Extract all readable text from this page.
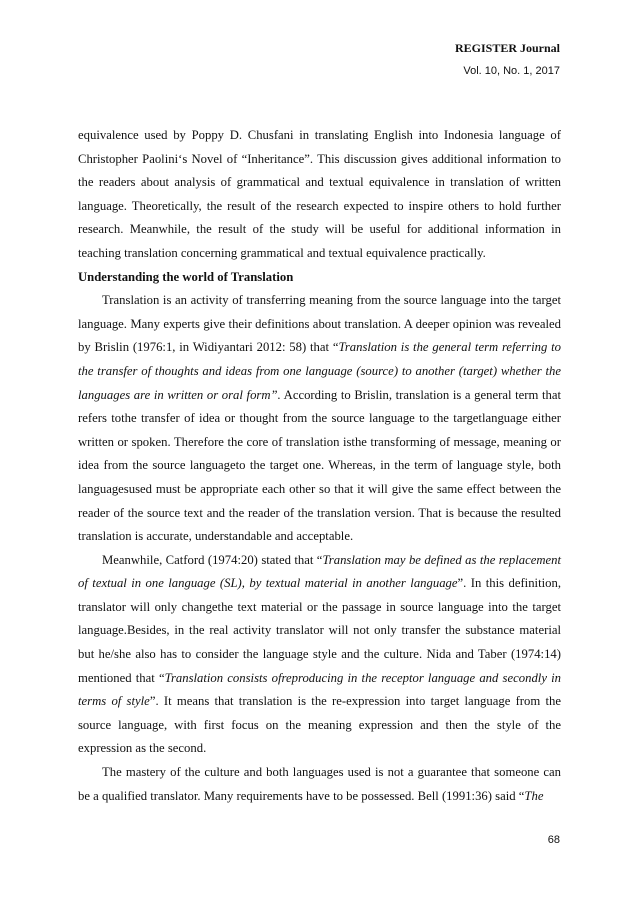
REGISTER Journal
Vol. 10, No. 1, 2017

equivalence used by Poppy D. Chusfani in translating English into Indonesia language of Christopher Paolini‘s Novel of “Inheritance”. This discussion gives additional information to the readers about analysis of grammatical and textual equivalence in translation of written language. Theoretically, the result of the research expected to inspire others to hold further research. Meanwhile, the result of the study will be useful for additional information in teaching translation concerning grammatical and textual equivalence practically.

Understanding the world of Translation

Translation is an activity of transferring meaning from the source language into the target language. Many experts give their definitions about translation. A deeper opinion was revealed by Brislin (1976:1, in Widiyantari 2012: 58) that “Translation is the general term referring to the transfer of thoughts and ideas from one language (source) to another (target) whether the languages are in written or oral form”. According to Brislin, translation is a general term that refers tothe transfer of idea or thought from the source language to the targetlanguage either written or spoken. Therefore the core of translation isthe transforming of message, meaning or idea from the source languageto the target one. Whereas, in the term of language style, both languagesused must be appropriate each other so that it will give the same effect between the reader of the source text and the reader of the translation version. That is because the resulted translation is accurate, understandable and acceptable.

Meanwhile, Catford (1974:20) stated that “Translation may be defined as the replacement of textual in one language (SL), by textual material in another language”. In this definition, translator will only changethe text material or the passage in source language into the target language.Besides, in the real activity translator will not only transfer the substance material but he/she also has to consider the language style and the culture. Nida and Taber (1974:14) mentioned that “Translation consists ofreproducing in the receptor language and secondly in terms of style”. It means that translation is the re-expression into target language from the source language, with first focus on the meaning expression and then the style of the expression as the second.

The mastery of the culture and both languages used is not a guarantee that someone can be a qualified translator. Many requirements have to be possessed. Bell (1991:36) said “The

68
